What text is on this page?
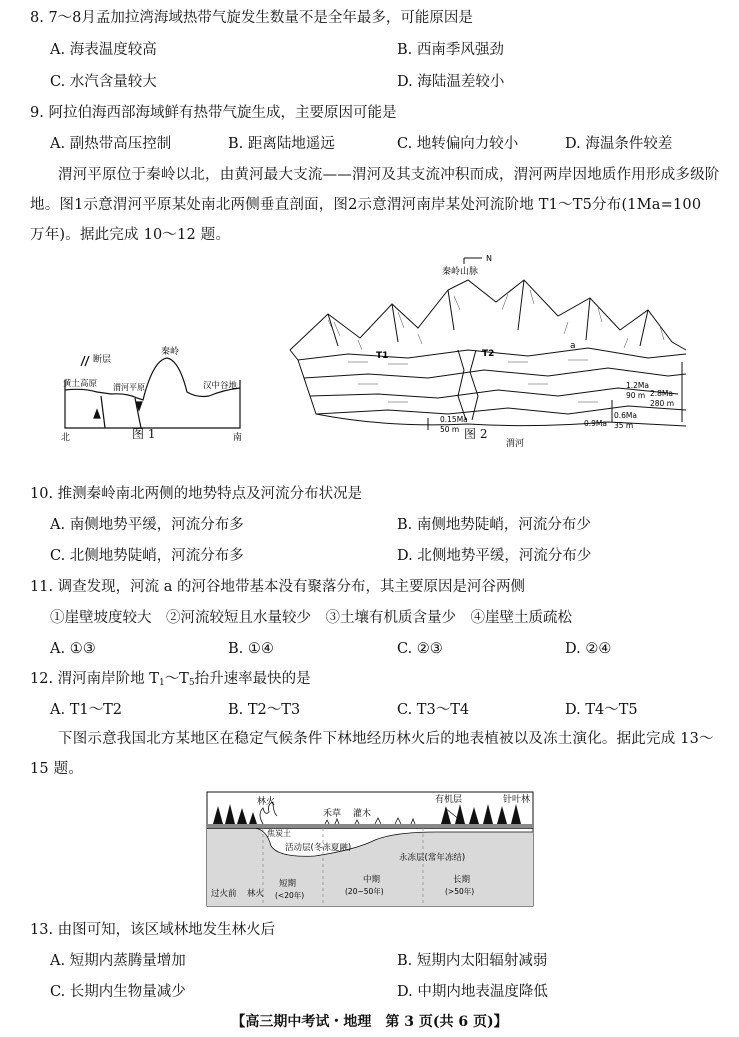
8. 7～8月孟加拉湾海域热带气旋发生数量不是全年最多，可能原因是
A. 海表温度较高	B. 西南季风强劲
C. 水汽含量较大	D. 海陆温差较小
9. 阿拉伯海西部海域鲜有热带气旋生成，主要原因可能是
A. 副热带高压控制	B. 距离陆地遥远	C. 地转偏向力较小	D. 海温条件较差
渭河平原位于秦岭以北，由黄河最大支流——渭河及其支流冲积而成，渭河两岸因地质作用形成多级阶地。图1示意渭河平原某处南北两侧垂直剖面，图2示意渭河南岸某处河流阶地 T1～T5分布(1Ma=100 万年)。据此完成 10～12 题。
断层
秦岭
黄土高原 渭河平原	汉中谷地
北	南
图 1
N
秦岭山脉
T1	T2
a
渭河
0.15Ma
50 m
1.2Ma
90 m 2.8Ma
280 m
0.9Ma
0.6Ma
35 m
图 2
10. 推测秦岭南北两侧的地势特点及河流分布状况是
A. 南侧地势平缓，河流分布多	B. 南侧地势陡峭，河流分布少
C. 北侧地势陡峭，河流分布多	D. 北侧地势平缓，河流分布少
11. 调查发现，河流 a 的河谷地带基本没有聚落分布，其主要原因是河谷两侧
①崖壁坡度较大　②河流较短且水量较少　③土壤有机质含量少　④崖壁土质疏松
A. ①③	B. ①④	C. ②③	D. ②④
12. 渭河南岸阶地 $T_1\sim T_5$抬升速率最快的是
A. T1～T2	B. T2～T3	C. T3～T4	D. T4～T5
下图示意我国北方某地区在稳定气候条件下林地经历林火后的地表植被以及冻土演化。据此完成 13～15 题。
林火
禾草 灌木
有机层	针叶林
焦炭土
活动层(冬冻夏融)
永冻层(常年冻结)
过火前 林火
短期
(<20年)
中期
(20~50年)
长期
(>50年)
13. 由图可知，该区域林地发生林火后
A. 短期内蒸腾量增加	B. 短期内太阳辐射减弱
C. 长期内生物量减少	D. 中期内地表温度降低
【高三期中考试・地理　第 3 页(共 6 页)】
